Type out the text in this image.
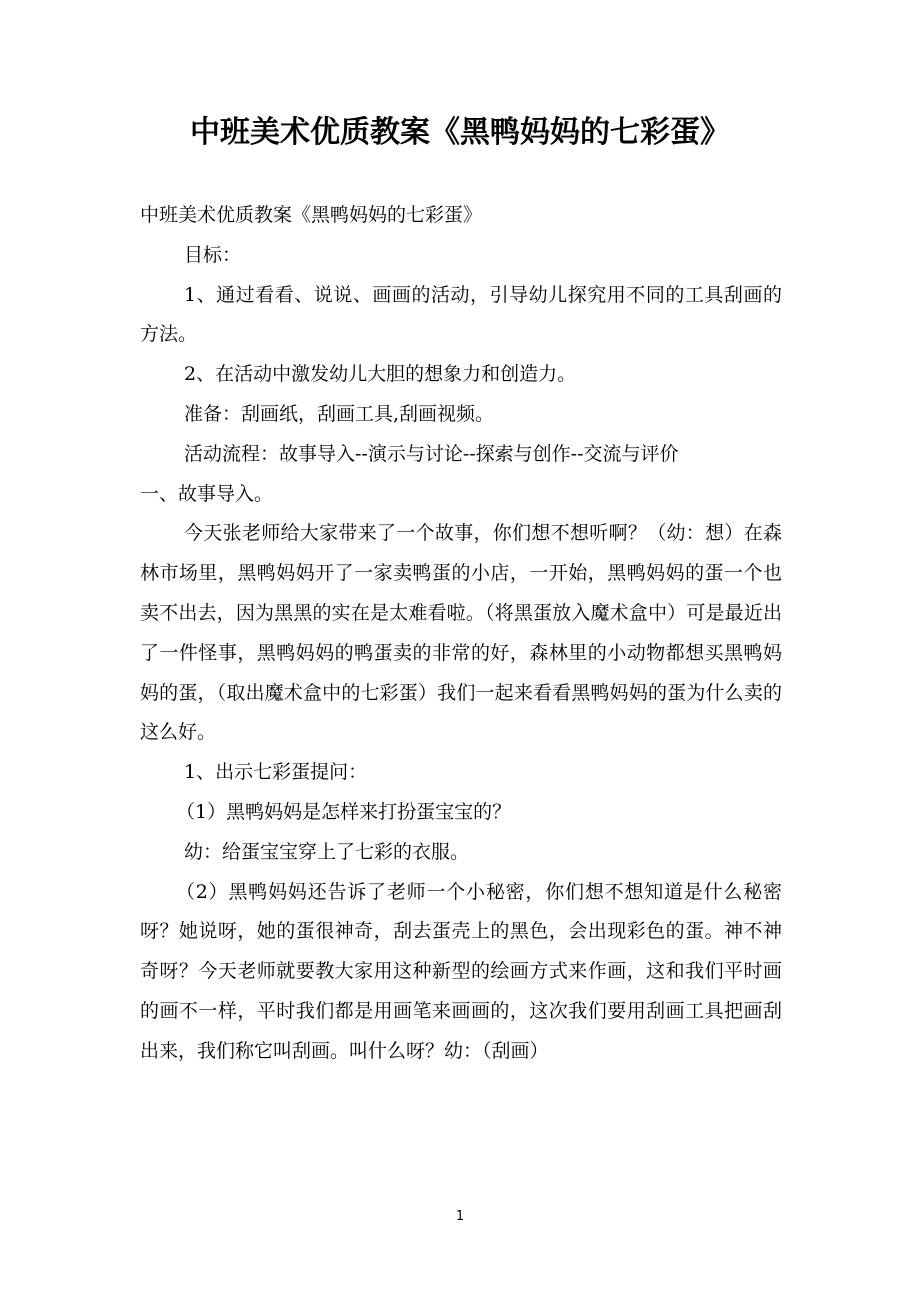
中班美术优质教案《黑鸭妈妈的七彩蛋》

中班美术优质教案《黑鸭妈妈的七彩蛋》

目标：

1、通过看看、说说、画画的活动，引导幼儿探究用不同的工具刮画的方法。

2、在活动中激发幼儿大胆的想象力和创造力。

准备：刮画纸，刮画工具,刮画视频。

活动流程：故事导入--演示与讨论--探索与创作--交流与评价

一、故事导入。

今天张老师给大家带来了一个故事，你们想不想听啊？（幼：想）在森林市场里，黑鸭妈妈开了一家卖鸭蛋的小店，一开始，黑鸭妈妈的蛋一个也卖不出去，因为黑黑的实在是太难看啦。（将黑蛋放入魔术盒中）可是最近出了一件怪事，黑鸭妈妈的鸭蛋卖的非常的好，森林里的小动物都想买黑鸭妈妈的蛋，（取出魔术盒中的七彩蛋）我们一起来看看黑鸭妈妈的蛋为什么卖的这么好。

1、出示七彩蛋提问：

（1）黑鸭妈妈是怎样来打扮蛋宝宝的？

幼：给蛋宝宝穿上了七彩的衣服。

（2）黑鸭妈妈还告诉了老师一个小秘密，你们想不想知道是什么秘密呀？她说呀，她的蛋很神奇，刮去蛋壳上的黑色，会出现彩色的蛋。神不神奇呀？今天老师就要教大家用这种新型的绘画方式来作画，这和我们平时画的画不一样，平时我们都是用画笔来画画的，这次我们要用刮画工具把画刮出来，我们称它叫刮画。叫什么呀？幼：（刮画）

1
